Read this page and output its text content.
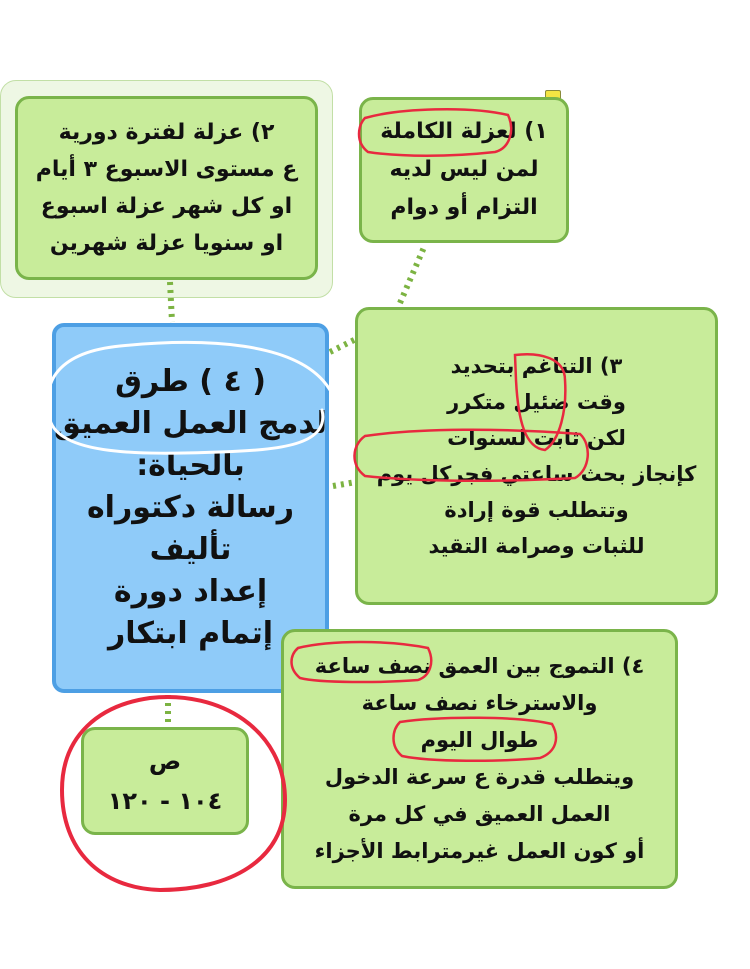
٢) عزلة لفترة دورية
ع مستوى الاسبوع ٣ أيام
او كل شهر عزلة اسبوع
او سنويا عزلة شهرين
١) لعزلة الكاملة
لمن ليس لديه
التزام أو دوام
( ٤ ) طرق
لدمج العمل العميق
بالحياة:
رسالة دكتوراه
تأليف
إعداد دورة
إتمام ابتكار
٣) التناغم بتحديد
وقت ضئيل متكرر
لكن ثابت لسنوات
كإنجاز بحث ساعتي فجركل يوم
وتتطلب قوة إرادة
للثبات وصرامة التقيد
٤) التموج بين العمق نصف ساعة
والاسترخاء نصف ساعة
طوال اليوم
ويتطلب قدرة ع سرعة الدخول
العمل العميق في كل مرة
أو كون العمل غيرمترابط الأجزاء
ص
١٠٤ - ١٢٠
